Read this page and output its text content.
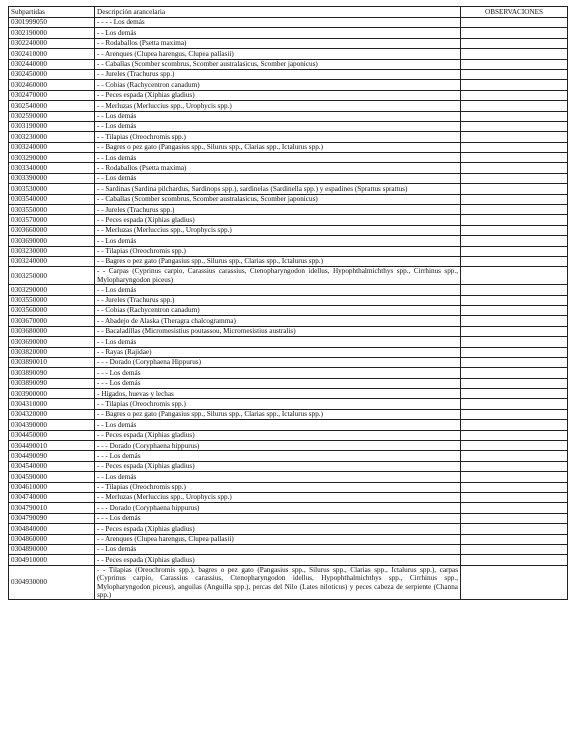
Subpartidas	Descripción arancelaria	OBSERVACIONES
0301999050	- - - - Los demás	
0302190000	- - Los demás	
0302240000	- - Rodaballos (Psetta maxima)	
0302410000	- - Arenques (Clupea harengus, Clupea pallasii)	
0302440000	- - Caballas (Scomber scombrus, Scomber australasicus, Scomber japonicus)	
0302450000	- - Jureles (Trachurus spp.)	
0302460000	- - Cobias (Rachycentron canadum)	
0302470000	- - Peces espada (Xiphias gladius)	
0302540000	- - Merluzas (Merluccius spp., Urophycis spp.)	
0302590000	- - Los demás	
0303190000	- - Los demás	
0303230000	- - Tilapias (Oreochromis spp.)	
0303240000	- - Bagres o pez gato (Pangasius spp., Silurus spp., Clarias spp., Ictalurus spp.)	
0303290000	- - Los demás	
0303340000	- - Rodaballos (Psetta maxima)	
0303390000	- - Los demás	
0303530000	- - Sardinas (Sardina pilchardus, Sardinops spp.), sardinelas (Sardinella spp.) y espadines (Sprattus sprattus)	
0303540000	- - Caballas (Scomber scombrus, Scomber australasicus, Scomber japonicus)	
0303550000	- - Jureles (Trachurus spp.)	
0303570000	- - Peces espada (Xiphias gladius)	
0303660000	- - Merluzas (Merluccius spp., Urophycis spp.)	
0303690000	- - Los demás	
0303230000	- - Tilapias (Oreochromis spp.)	
0303240000	- - Bagres o pez gato (Pangasius spp., Silurus spp., Clarias spp., Ictalurus spp.)	
0303250000	- - Carpas (Cyprinus carpio, Carassius carassius, Ctenopharyngodon idellus, Hypophthalmichthys spp., Cirrhinus spp., Mylopharyngodon piceus)	
0303290000	- - Los demás	
0303550000	- - Jureles (Trachurus spp.)	
0303560000	- - Cobias (Rachycentron canadum)	
0303670000	- - Abadejo de Alaska (Theragra chalcogramma)	
0303680000	- - Bacaladillas (Micromesistius poutassou, Micromesistius australis)	
0303690000	- - Los demás	
0303820000	- - Rayas (Rajidae)	
0303890010	- - - Dorado (Coryphaena Hippurus)	
0303890090	- - - Los demás	
0303890090	- - - Los demás	
0303900000	- Hígados, huevas y lechas	
0304310000	- - Tilapias (Oreochromis spp.)	
0304320000	- - Bagres o pez gato (Pangasius spp., Silurus spp., Clarias spp., Ictalurus spp.)	
0304390000	- - Los demás	
0304450000	- - Peces espada (Xiphias gladius)	
0304490010	- - - Dorado (Coryphaena hippurus)	
0304490090	- - - Los demás	
0304540000	- - Peces espada (Xiphias gladius)	
0304590000	- - Los demás	
0304610000	- - Tilapias (Oreochromis spp.)	
0304740000	- - Merluzas (Merluccius spp., Urophycis spp.)	
0304790010	- - - Dorado (Coryphaena hippurus)	
0304790090	- - - Los demás	
0304840000	- - Peces espada (Xiphias gladius)	
0304860000	- - Arenques (Clupea harengus, Clupea pallasii)	
0304890000	- - Los demás	
0304910000	- - Peces espada (Xiphias gladius)	
0304930000	- - Tilapias (Oreochromis spp.), bagres o pez gato (Pangasius spp., Silurus spp., Clarias spp., Ictalurus spp.), carpas (Cyprinus carpio, Carassius carassius, Ctenopharyngodon idellus, Hypophthalmichthys spp., Cirrhinus spp., Mylopharyngodon piceus), anguilas (Anguilla spp.), percas del Nilo (Lates niloticus) y peces cabeza de serpiente (Channa spp.)	
